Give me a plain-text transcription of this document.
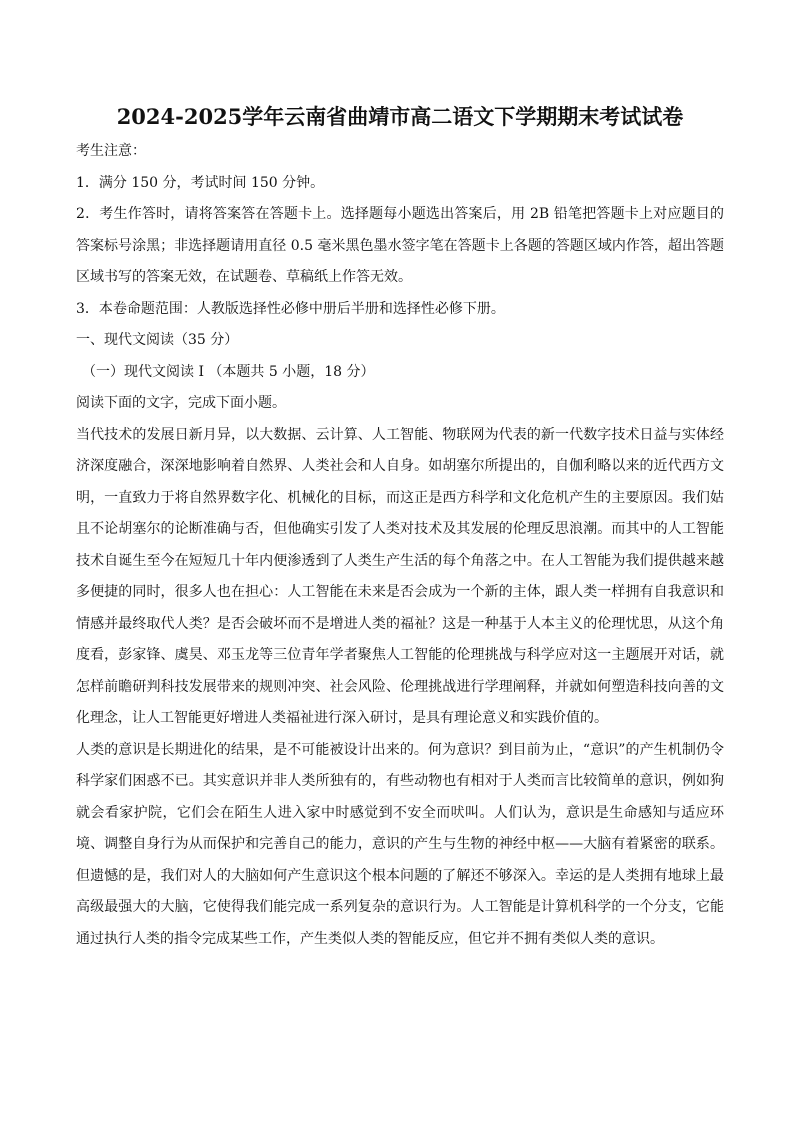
2024-2025学年云南省曲靖市高二语文下学期期末考试试卷

考生注意：

1．满分 150 分，考试时间 150 分钟。

2．考生作答时，请将答案答在答题卡上。选择题每小题选出答案后，用 2B 铅笔把答题卡上对应题目的答案标号涂黑；非选择题请用直径 0.5 毫米黑色墨水签字笔在答题卡上各题的答题区域内作答，超出答题区域书写的答案无效，在试题卷、草稿纸上作答无效。

3．本卷命题范围：人教版选择性必修中册后半册和选择性必修下册。

一、现代文阅读（35 分）

（一）现代文阅读 I （本题共 5 小题，18 分）

阅读下面的文字，完成下面小题。

当代技术的发展日新月异，以大数据、云计算、人工智能、物联网为代表的新一代数字技术日益与实体经济深度融合，深深地影响着自然界、人类社会和人自身。如胡塞尔所提出的，自伽利略以来的近代西方文明，一直致力于将自然界数字化、机械化的目标，而这正是西方科学和文化危机产生的主要原因。我们姑且不论胡塞尔的论断准确与否，但他确实引发了人类对技术及其发展的伦理反思浪潮。而其中的人工智能技术自诞生至今在短短几十年内便渗透到了人类生产生活的每个角落之中。在人工智能为我们提供越来越多便捷的同时，很多人也在担心：人工智能在未来是否会成为一个新的主体，跟人类一样拥有自我意识和情感并最终取代人类？是否会破坏而不是增进人类的福祉？这是一种基于人本主义的伦理忧思，从这个角度看，彭家锋、虞昊、邓玉龙等三位青年学者聚焦人工智能的伦理挑战与科学应对这一主题展开对话，就怎样前瞻研判科技发展带来的规则冲突、社会风险、伦理挑战进行学理阐释，并就如何塑造科技向善的文化理念，让人工智能更好增进人类福祉进行深入研讨，是具有理论意义和实践价值的。

人类的意识是长期进化的结果，是不可能被设计出来的。何为意识？到目前为止，“意识”的产生机制仍令科学家们困惑不已。其实意识并非人类所独有的，有些动物也有相对于人类而言比较简单的意识，例如狗就会看家护院，它们会在陌生人进入家中时感觉到不安全而吠叫。人们认为，意识是生命感知与适应环境、调整自身行为从而保护和完善自己的能力，意识的产生与生物的神经中枢——大脑有着紧密的联系。但遗憾的是，我们对人的大脑如何产生意识这个根本问题的了解还不够深入。幸运的是人类拥有地球上最高级最强大的大脑，它使得我们能完成一系列复杂的意识行为。人工智能是计算机科学的一个分支，它能通过执行人类的指令完成某些工作，产生类似人类的智能反应，但它并不拥有类似人类的意识。
